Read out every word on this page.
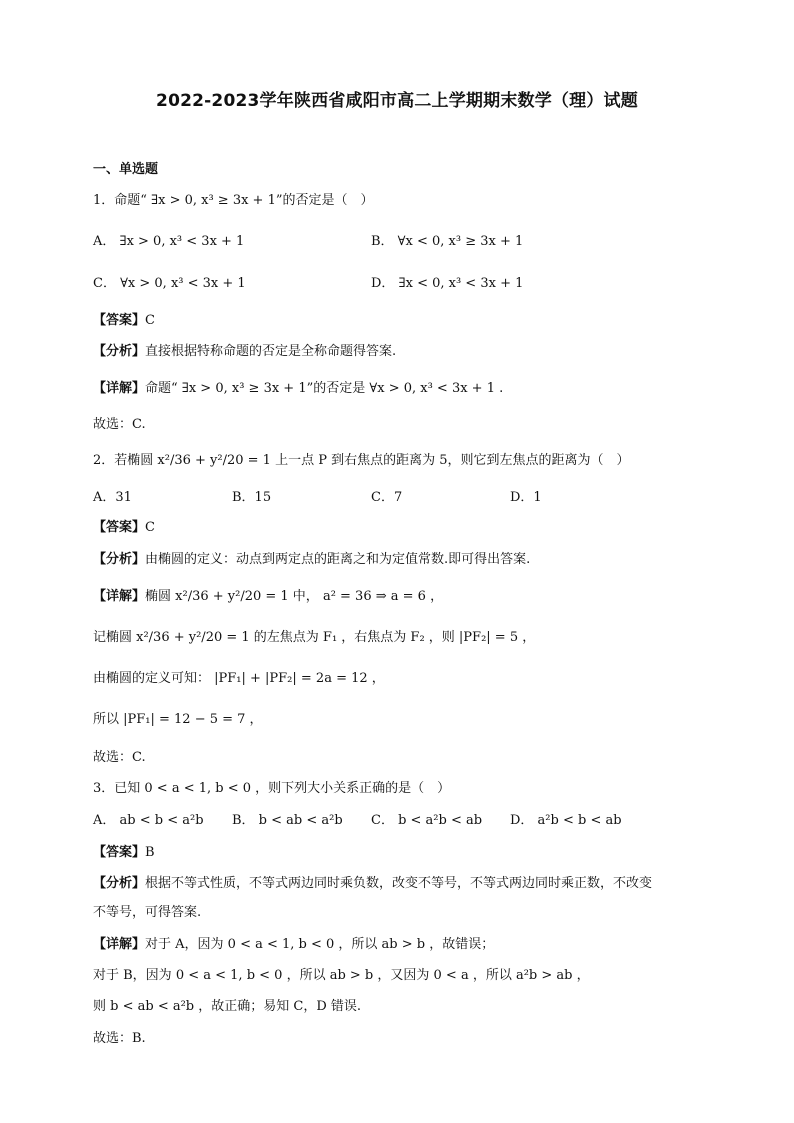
2022-2023学年陕西省咸阳市高二上学期期末数学（理）试题
一、单选题
1．命题“ ∃x > 0, x³ ≥ 3x + 1”的否定是（　）
A． ∃x > 0, x³ < 3x + 1	B． ∀x < 0, x³ ≥ 3x + 1
C． ∀x > 0, x³ < 3x + 1	D． ∃x < 0, x³ < 3x + 1
【答案】C
【分析】直接根据特称命题的否定是全称命题得答案.
【详解】命题“ ∃x > 0, x³ ≥ 3x + 1”的否定是 ∀x > 0, x³ < 3x + 1 .
故选：C.
2．若椭圆 x²/36 + y²/20 = 1 上一点 P 到右焦点的距离为 5，则它到左焦点的距离为（　）
A．31	B．15	C．7	D．1
【答案】C
【分析】由椭圆的定义：动点到两定点的距离之和为定值常数.即可得出答案.
【详解】椭圆 x²/36 + y²/20 = 1 中， a² = 36 ⇒ a = 6 ，
记椭圆 x²/36 + y²/20 = 1 的左焦点为 F₁ ，右焦点为 F₂ ，则 |PF₂| = 5 ，
由椭圆的定义可知： |PF₁| + |PF₂| = 2a = 12 ，
所以 |PF₁| = 12 − 5 = 7 ，
故选：C.
3．已知 0 < a < 1, b < 0 ，则下列大小关系正确的是（　）
A． ab < b < a²b B． b < ab < a²b C． b < a²b < ab D． a²b < b < ab
【答案】B
【分析】根据不等式性质，不等式两边同时乘负数，改变不等号，不等式两边同时乘正数，不改变
不等号，可得答案.
【详解】对于 A，因为 0 < a < 1, b < 0 ，所以 ab > b ，故错误；
对于 B，因为 0 < a < 1, b < 0 ，所以 ab > b ，又因为 0 < a ，所以 a²b > ab ，
则 b < ab < a²b ，故正确；易知 C，D 错误.
故选：B.
